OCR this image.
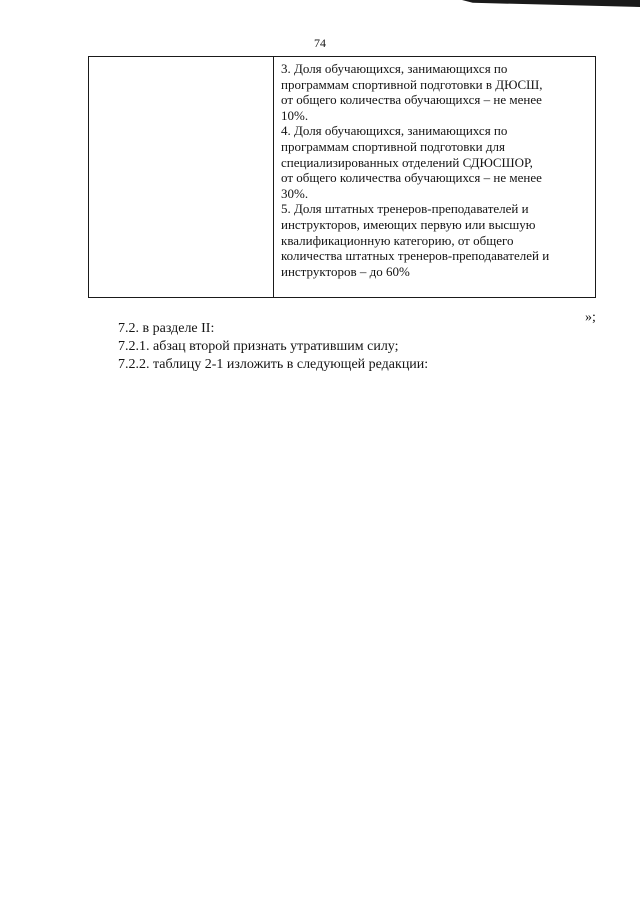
74
3. Доля обучающихся, занимающихся по
программам спортивной подготовки в ДЮСШ,
от общего количества обучающихся – не менее
10%.
4. Доля обучающихся, занимающихся по
программам спортивной подготовки для
специализированных отделений СДЮСШОР,
от общего количества обучающихся – не менее
30%.
5. Доля штатных тренеров-преподавателей и
инструкторов, имеющих первую или высшую
квалификационную категорию, от общего
количества штатных тренеров-преподавателей и
инструкторов – до 60%
»;
7.2. в разделе II:
7.2.1. абзац второй признать утратившим силу;
7.2.2. таблицу 2-1 изложить в следующей редакции:
